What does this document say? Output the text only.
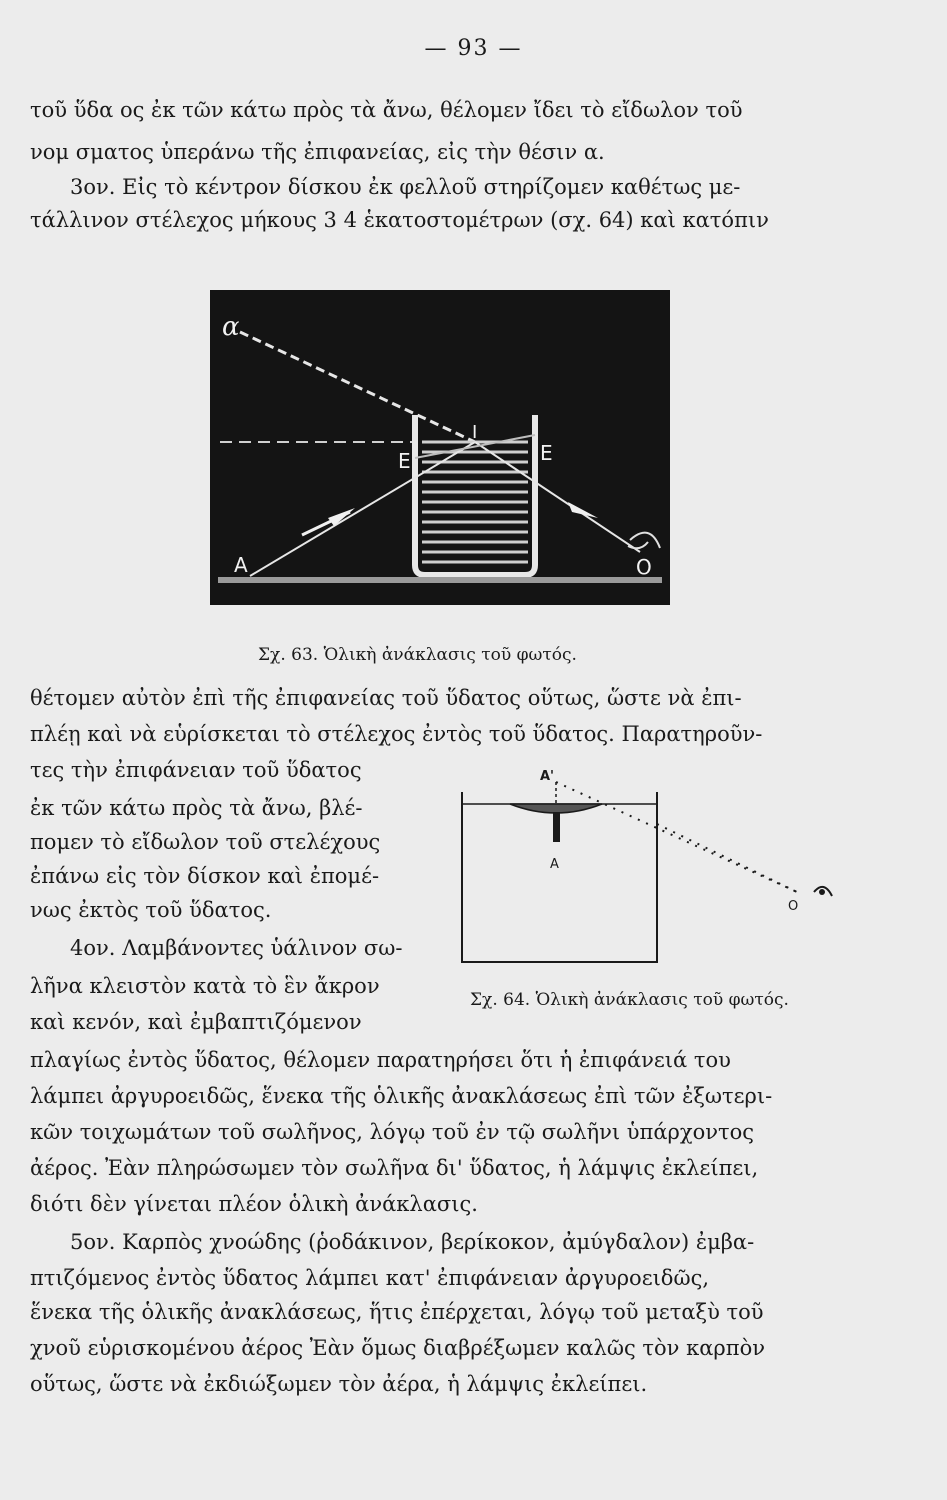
— 93 —
τοῦ ὕδα ος ἐκ τῶν κάτω πρὸς τὰ ἄνω, θέλομεν ἴδει τὸ εἴδωλον τοῦ
νομ σματος ὑπεράνω τῆς ἐπιφανείας, εἰς τὴν θέσιν α.
3ον. Εἰς τὸ κέντρον δίσκου ἐκ φελλοῦ στηρίζομεν καθέτως με-
τάλλινον στέλεχος μήκους 3 4 ἑκατοστομέτρων (σχ. 64) καὶ κατόπιν
α
Ε
Ι
Ε
Α	Ο
Σχ. 63. Ὁλικὴ ἀνάκλασις τοῦ φωτός.
θέτομεν αὐτὸν ἐπὶ τῆς ἐπιφανείας τοῦ ὕδατος οὕτως, ὥστε νὰ ἐπι-
πλέῃ καὶ νὰ εὑρίσκεται τὸ στέλεχος ἐντὸς τοῦ ὕδατος. Παρατηροῦν-
τες τὴν ἐπιφάνειαν τοῦ ὕδατος
ἐκ τῶν κάτω πρὸς τὰ ἄνω, βλέ-
πομεν τὸ εἴδωλον τοῦ στελέχους
ἐπάνω εἰς τὸν δίσκον καὶ ἐπομέ-
νως ἐκτὸς τοῦ ὕδατος.
Α'
Α
Ο
Σχ. 64. Ὁλικὴ ἀνάκλασις τοῦ φωτός.
4ον. Λαμβάνοντες ὑάλινον σω-
λῆνα κλειστὸν κατὰ τὸ ἓν ἄκρον
καὶ κενόν, καὶ ἐμβαπτιζόμενον
πλαγίως ἐντὸς ὕδατος, θέλομεν παρατηρήσει ὅτι ἡ ἐπιφάνειά του
λάμπει ἀργυροειδῶς, ἕνεκα τῆς ὁλικῆς ἀνακλάσεως ἐπὶ τῶν ἐξωτερι-
κῶν τοιχωμάτων τοῦ σωλῆνος, λόγῳ τοῦ ἐν τῷ σωλῆνι ὑπάρχοντος
ἀέρος. Ἐὰν πληρώσωμεν τὸν σωλῆνα δι' ὕδατος, ἡ λάμψις ἐκλείπει,
διότι δὲν γίνεται πλέον ὁλικὴ ἀνάκλασις.
5ον. Καρπὸς χνοώδης (ῥοδάκινον, βερίκοκον, ἀμύγδαλον) ἐμβα-
πτιζόμενος ἐντὸς ὕδατος λάμπει κατ' ἐπιφάνειαν ἀργυροειδῶς,
ἕνεκα τῆς ὁλικῆς ἀνακλάσεως, ἥτις ἐπέρχεται, λόγῳ τοῦ μεταξὺ τοῦ
χνοῦ εὑρισκομένου ἀέρος Ἐὰν ὅμως διαβρέξωμεν καλῶς τὸν καρπὸν
οὕτως, ὥστε νὰ ἐκδιώξωμεν τὸν ἀέρα, ἡ λάμψις ἐκλείπει.
